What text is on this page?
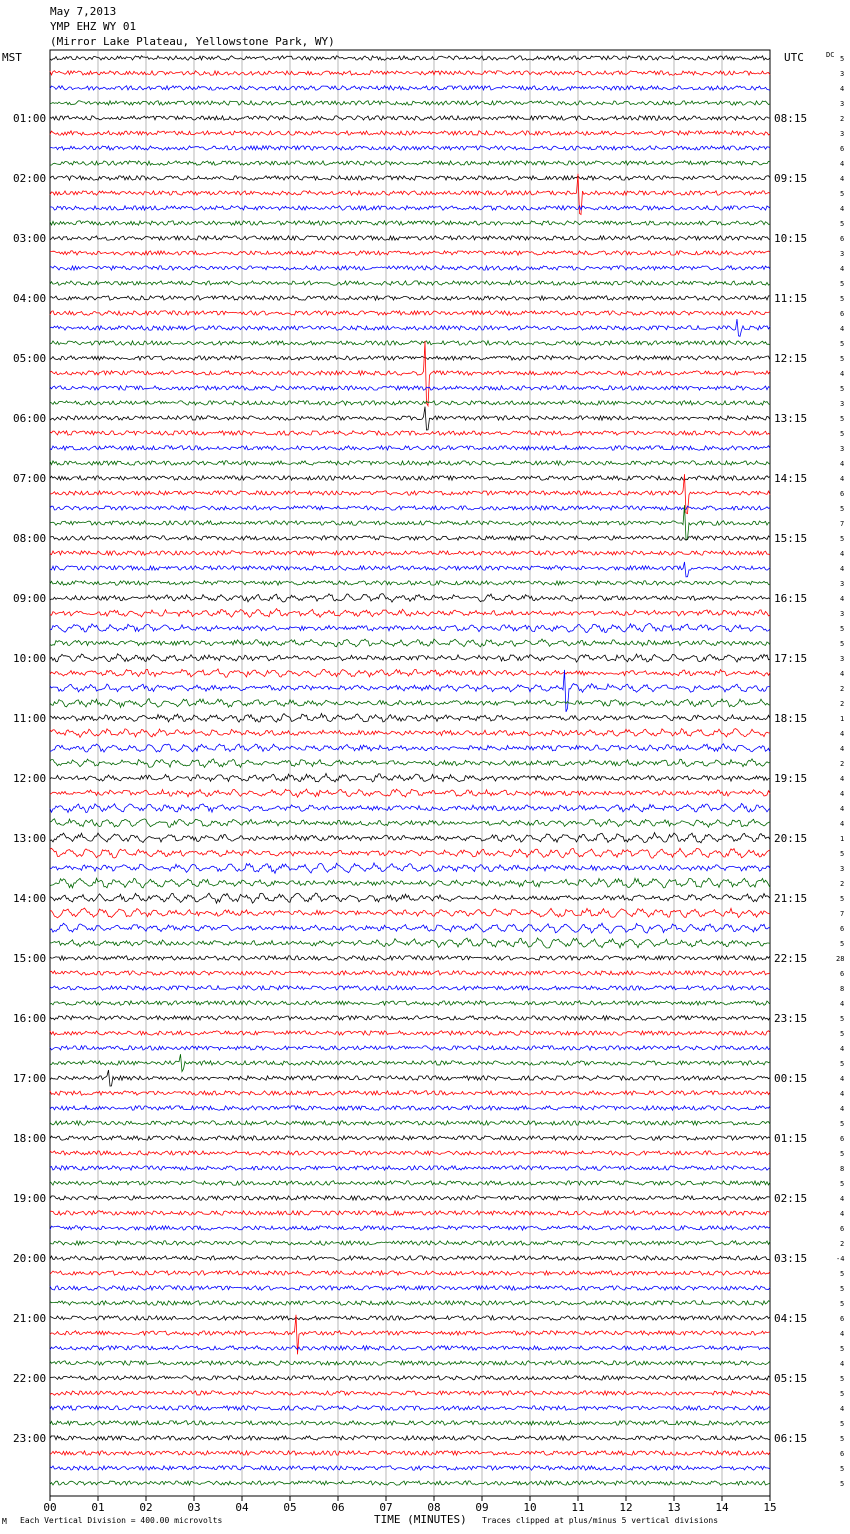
May 7,2013
YMP EHZ WY 01
(Mirror Lake Plateau, Yellowstone Park, WY)
MST	UTC	DC
01:00
02:00
03:00
04:00
05:00
06:00
07:00
08:00
09:00
10:00
11:00
12:00
13:00
14:00
15:00
16:00
17:00
18:00
19:00
20:00
21:00
22:00
23:00
08:15
09:15
10:15
11:15
12:15
13:15
14:15
15:15
16:15
17:15
18:15
19:15
20:15
21:15
22:15
23:15
00:15
01:15
02:15
03:15
04:15
05:15
06:15
5
3
4
3
2
3
6
4
4
5
4
5
6
3
4
5
5
6
4
5
5
4
5
3
5
5
3
4
4
6
5
7
5
4
4
3
4
3
5
5
3
4
2
2
1
4
4
2
4
4
4
4
1
5
3
2
5
7
6
5
28
6
8
4
5
5
4
5
4
4
4
5
6
5
8
5
4
4
6
2
-4
5
5
5
6
4
5
4
5
5
4
5
5
6
5
5
00	01	02	03	04	05	06	07	08	09	10	11	12	13	14	15
TIME (MINUTES)
M Each Vertical Division = 400.00 microvolts	Traces clipped at plus/minus 5 vertical divisions
